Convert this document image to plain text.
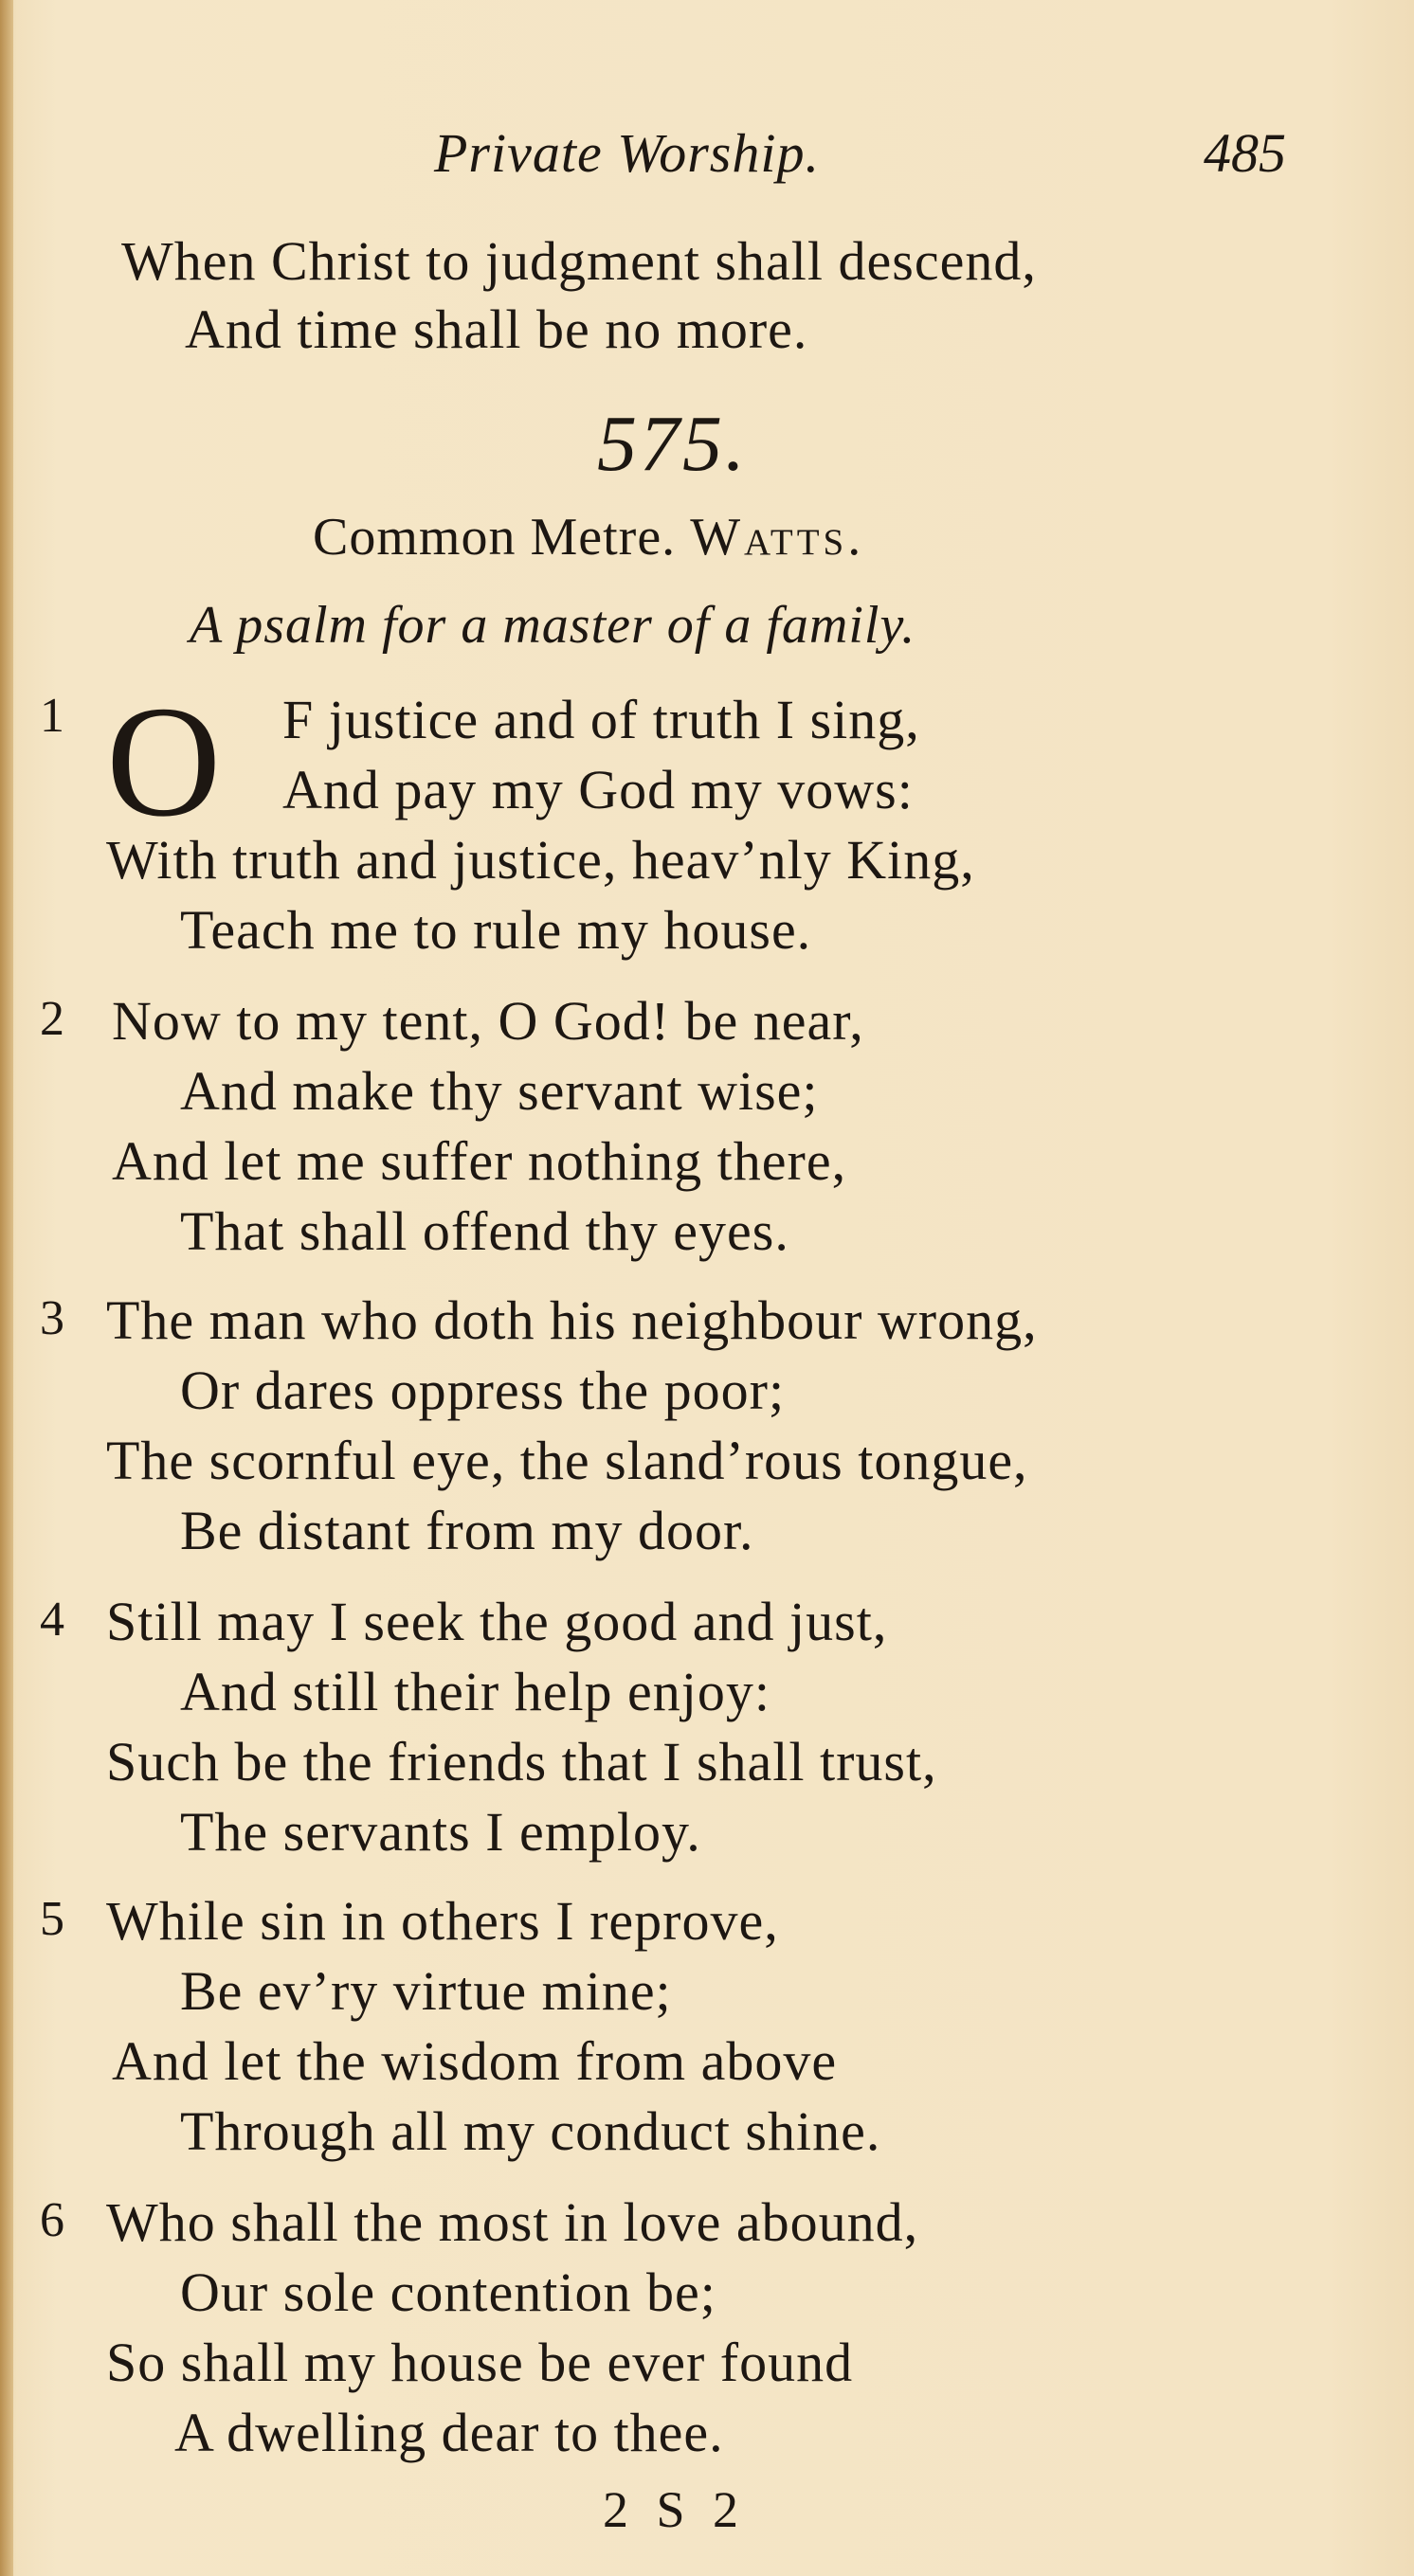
Private Worship.	485
When Christ to judgment shall descend,
And time shall be no more.
575.
Common Metre. Watts.
A psalm for a master of a family.
1 O F justice and of truth I sing,
And pay my God my vows:
With truth and justice, heav’nly King,
Teach me to rule my house.
2 Now to my tent, O God! be near,
And make thy servant wise;
And let me suffer nothing there,
That shall offend thy eyes.
3 The man who doth his neighbour wrong,
Or dares oppress the poor;
The scornful eye, the sland’rous tongue,
Be distant from my door.
4 Still may I seek the good and just,
And still their help enjoy:
Such be the friends that I shall trust,
The servants I employ.
5 While sin in others I reprove,
Be ev’ry virtue mine;
And let the wisdom from above
Through all my conduct shine.
6 Who shall the most in love abound,
Our sole contention be;
So shall my house be ever found
A dwelling dear to thee.
2 S 2
